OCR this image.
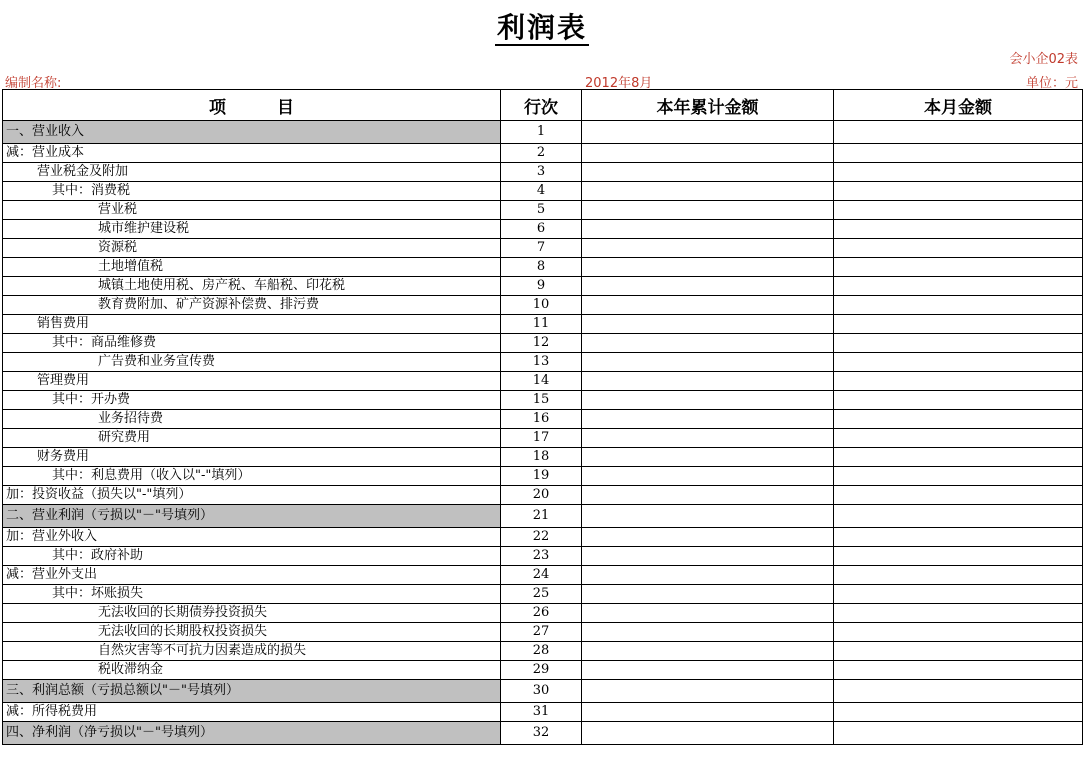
利润表
会小企02表
编制名称:	2012年8月	单位：元
项　　　目	行次	本年累计金额	本月金额
一、营业收入	1		
减：营业成本	2		
营业税金及附加	3		
其中：消费税	4		
营业税	5		
城市维护建设税	6		
资源税	7		
土地增值税	8		
城镇土地使用税、房产税、车船税、印花税	9		
教育费附加、矿产资源补偿费、排污费	10		
销售费用	11		
其中：商品维修费	12		
广告费和业务宣传费	13		
管理费用	14		
其中：开办费	15		
业务招待费	16		
研究费用	17		
财务费用	18		
其中：利息费用（收入以"-"填列）	19		
加：投资收益（损失以"-"填列）	20		
二、营业利润（亏损以"－"号填列）	21		
加：营业外收入	22		
其中：政府补助	23		
减：营业外支出	24		
其中：坏账损失	25		
无法收回的长期债券投资损失	26		
无法收回的长期股权投资损失	27		
自然灾害等不可抗力因素造成的损失	28		
税收滞纳金	29		
三、利润总额（亏损总额以"－"号填列）	30		
减：所得税费用	31		
四、净利润（净亏损以"－"号填列）	32		
